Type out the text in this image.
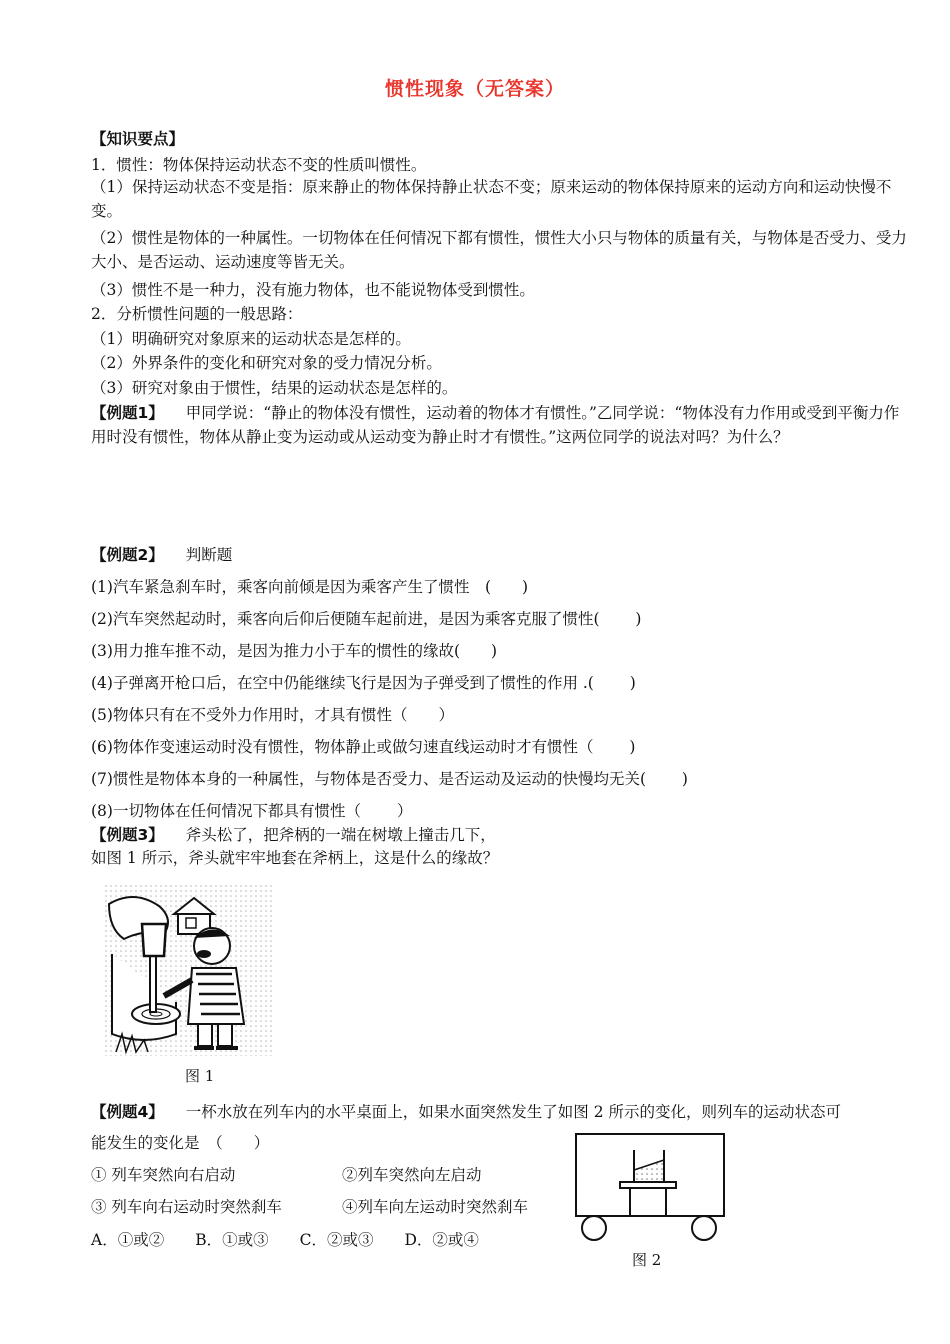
惯性现象（无答案）
【知识要点】
1．惯性：物体保持运动状态不变的性质叫惯性。
（1）保持运动状态不变是指：原来静止的物体保持静止状态不变；原来运动的物体保持原来的运动方向和运动快慢不变。
（2）惯性是物体的一种属性。一切物体在任何情况下都有惯性，惯性大小只与物体的质量有关，与物体是否受力、受力大小、是否运动、运动速度等皆无关。
（3）惯性不是一种力，没有施力物体，也不能说物体受到惯性。
2．分析惯性问题的一般思路：
（1）明确研究对象原来的运动状态是怎样的。
（2）外界条件的变化和研究对象的受力情况分析。
（3）研究对象由于惯性，结果的运动状态是怎样的。
【例题1】 甲同学说：“静止的物体没有惯性，运动着的物体才有惯性。”乙同学说：“物体没有力作用或受到平衡力作用时没有惯性，物体从静止变为运动或从运动变为静止时才有惯性。”这两位同学的说法对吗？为什么？
【例题2】 判断题
(1)汽车紧急刹车时，乘客向前倾是因为乘客产生了惯性　(　　)
(2)汽车突然起动时，乘客向后仰后便随车起前进，是因为乘客克服了惯性(　　 )
(3)用力推车推不动，是因为推力小于车的惯性的缘故(　　)
(4)子弹离开枪口后，在空中仍能继续飞行是因为子弹受到了惯性的作用 .(　　 )
(5)物体只有在不受外力作用时，才具有惯性（　　）
(6)物体作变速运动时没有惯性，物体静止或做匀速直线运动时才有惯性（　　 )
(7)惯性是物体本身的一种属性，与物体是否受力、是否运动及运动的快慢均无关(　　 )
(8)一切物体在任何情况下都具有惯性（　　 ）
【例题3】 斧头松了，把斧柄的一端在树墩上撞击几下，
如图 1 所示，斧头就牢牢地套在斧柄上，这是什么的缘故？
图 1
【例题4】 一杯水放在列车内的水平桌面上，如果水面突然发生了如图 2 所示的变化，则列车的运动状态可
能发生的变化是　（　　）
① 列车突然向右启动	②列车突然向左启动
③ 列车向右运动时突然刹车	④列车向左运动时突然刹车
A．①或②　　B．①或③　　C．②或③　　D．②或④
图 2
